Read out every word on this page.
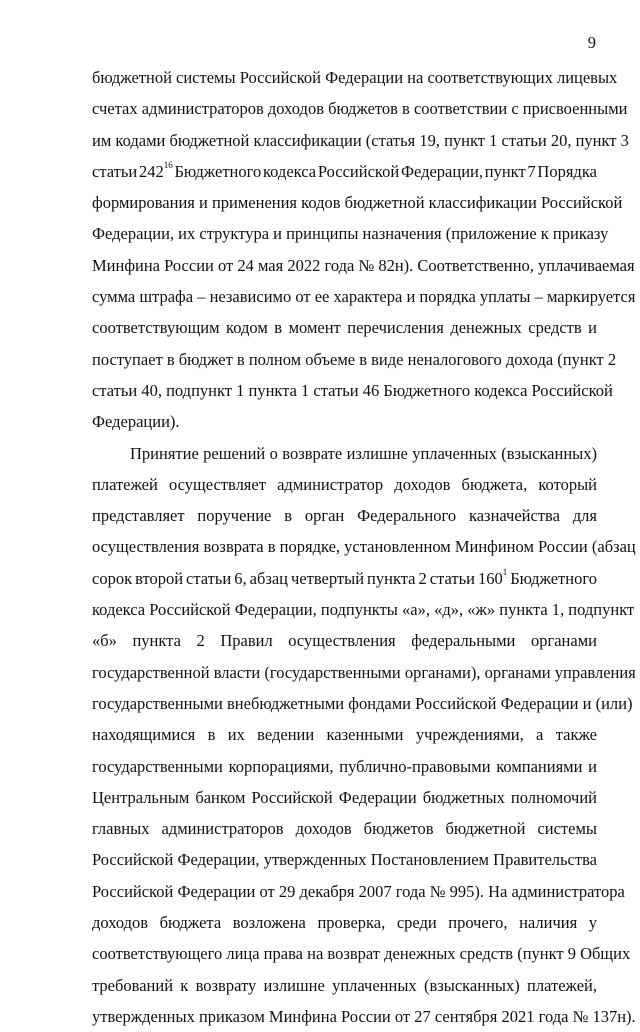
9
бюджетной системы Российской Федерации на соответствующих лицевых
счетах администраторов доходов бюджетов в соответствии с присвоенными
им кодами бюджетной классификации (статья 19, пункт 1 статьи 20, пункт 3
статьи $242^{16}$ Бюджетного кодекса Российской Федерации, пункт 7 Порядка
формирования и применения кодов бюджетной классификации Российской
Федерации, их структура и принципы назначения (приложение к приказу
Минфина России от 24 мая 2022 года № 82н). Соответственно, уплачиваемая
сумма штрафа – независимо от ее характера и порядка уплаты – маркируется
соответствующим кодом в момент перечисления денежных средств и
поступает в бюджет в полном объеме в виде неналогового дохода (пункт 2
статьи 40, подпункт 1 пункта 1 статьи 46 Бюджетного кодекса Российской
Федерации).
Принятие решений о возврате излишне уплаченных (взысканных)
платежей осуществляет администратор доходов бюджета, который
представляет поручение в орган Федерального казначейства для
осуществления возврата в порядке, установленном Минфином России (абзац
сорок второй статьи 6, абзац четвертый пункта 2 статьи $160^1$ Бюджетного
кодекса Российской Федерации, подпункты «а», «д», «ж» пункта 1, подпункт
«б» пункта 2 Правил осуществления федеральными органами
государственной власти (государственными органами), органами управления
государственными внебюджетными фондами Российской Федерации и (или)
находящимися в их ведении казенными учреждениями, а также
государственными корпорациями, публично-правовыми компаниями и
Центральным банком Российской Федерации бюджетных полномочий
главных администраторов доходов бюджетов бюджетной системы
Российской Федерации, утвержденных Постановлением Правительства
Российской Федерации от 29 декабря 2007 года № 995). На администратора
доходов бюджета возложена проверка, среди прочего, наличия у
соответствующего лица права на возврат денежных средств (пункт 9 Общих
требований к возврату излишне уплаченных (взысканных) платежей,
утвержденных приказом Минфина России от 27 сентября 2021 года № 137н).
